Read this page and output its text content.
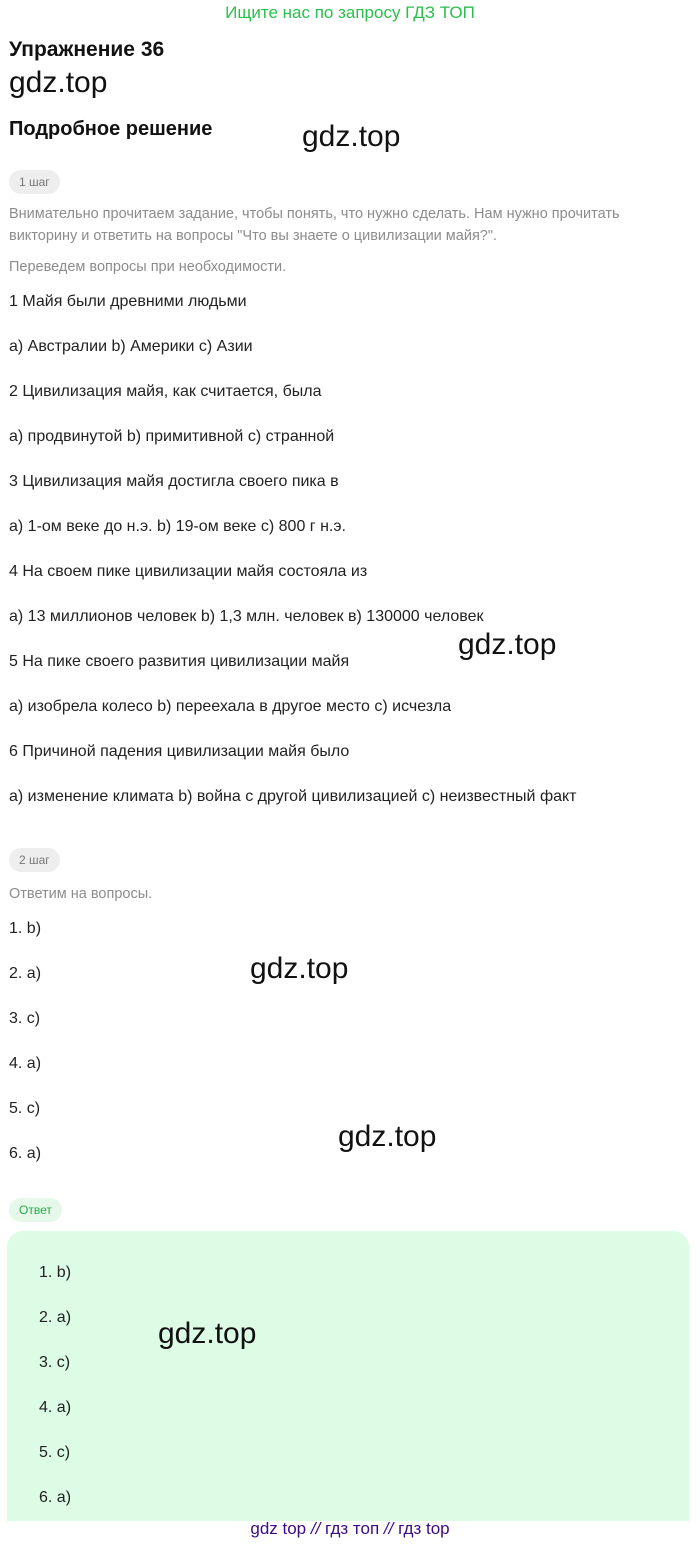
Ищите нас по запросу ГДЗ ТОП
Упражнение 36
gdz.top
Подробное решение	gdz.top
1 шаг
Внимательно прочитаем задание, чтобы понять, что нужно сделать. Нам нужно прочитать викторину и ответить на вопросы "Что вы знаете о цивилизации майя?".
Переведем вопросы при необходимости.
1 Майя были древними людьми
a) Австралии b) Америки c) Азии
2 Цивилизация майя, как считается, была
a) продвинутой b) примитивной c) странной
3 Цивилизация майя достигла своего пика в
a) 1-ом веке до н.э. b) 19-ом веке c) 800 г н.э.
4 На своем пике цивилизации майя состояла из
a) 13 миллионов человек b) 1,3 млн. человек в) 130000 человек
gdz.top
5 На пике своего развития цивилизации майя
a) изобрела колесо b) переехала в другое место c) исчезла
6 Причиной падения цивилизации майя было
a) изменение климата b) война с другой цивилизацией c) неизвестный факт
2 шаг
Ответим на вопросы.
1. b)
2. a)	gdz.top
3. c)
4. a)
5. c)
gdz.top
6. a)
Ответ
1. b)
2. a)
3. c)
4. a)
5. c)
6. a)
gdz.top
gdz top // гдз топ // гдз top
